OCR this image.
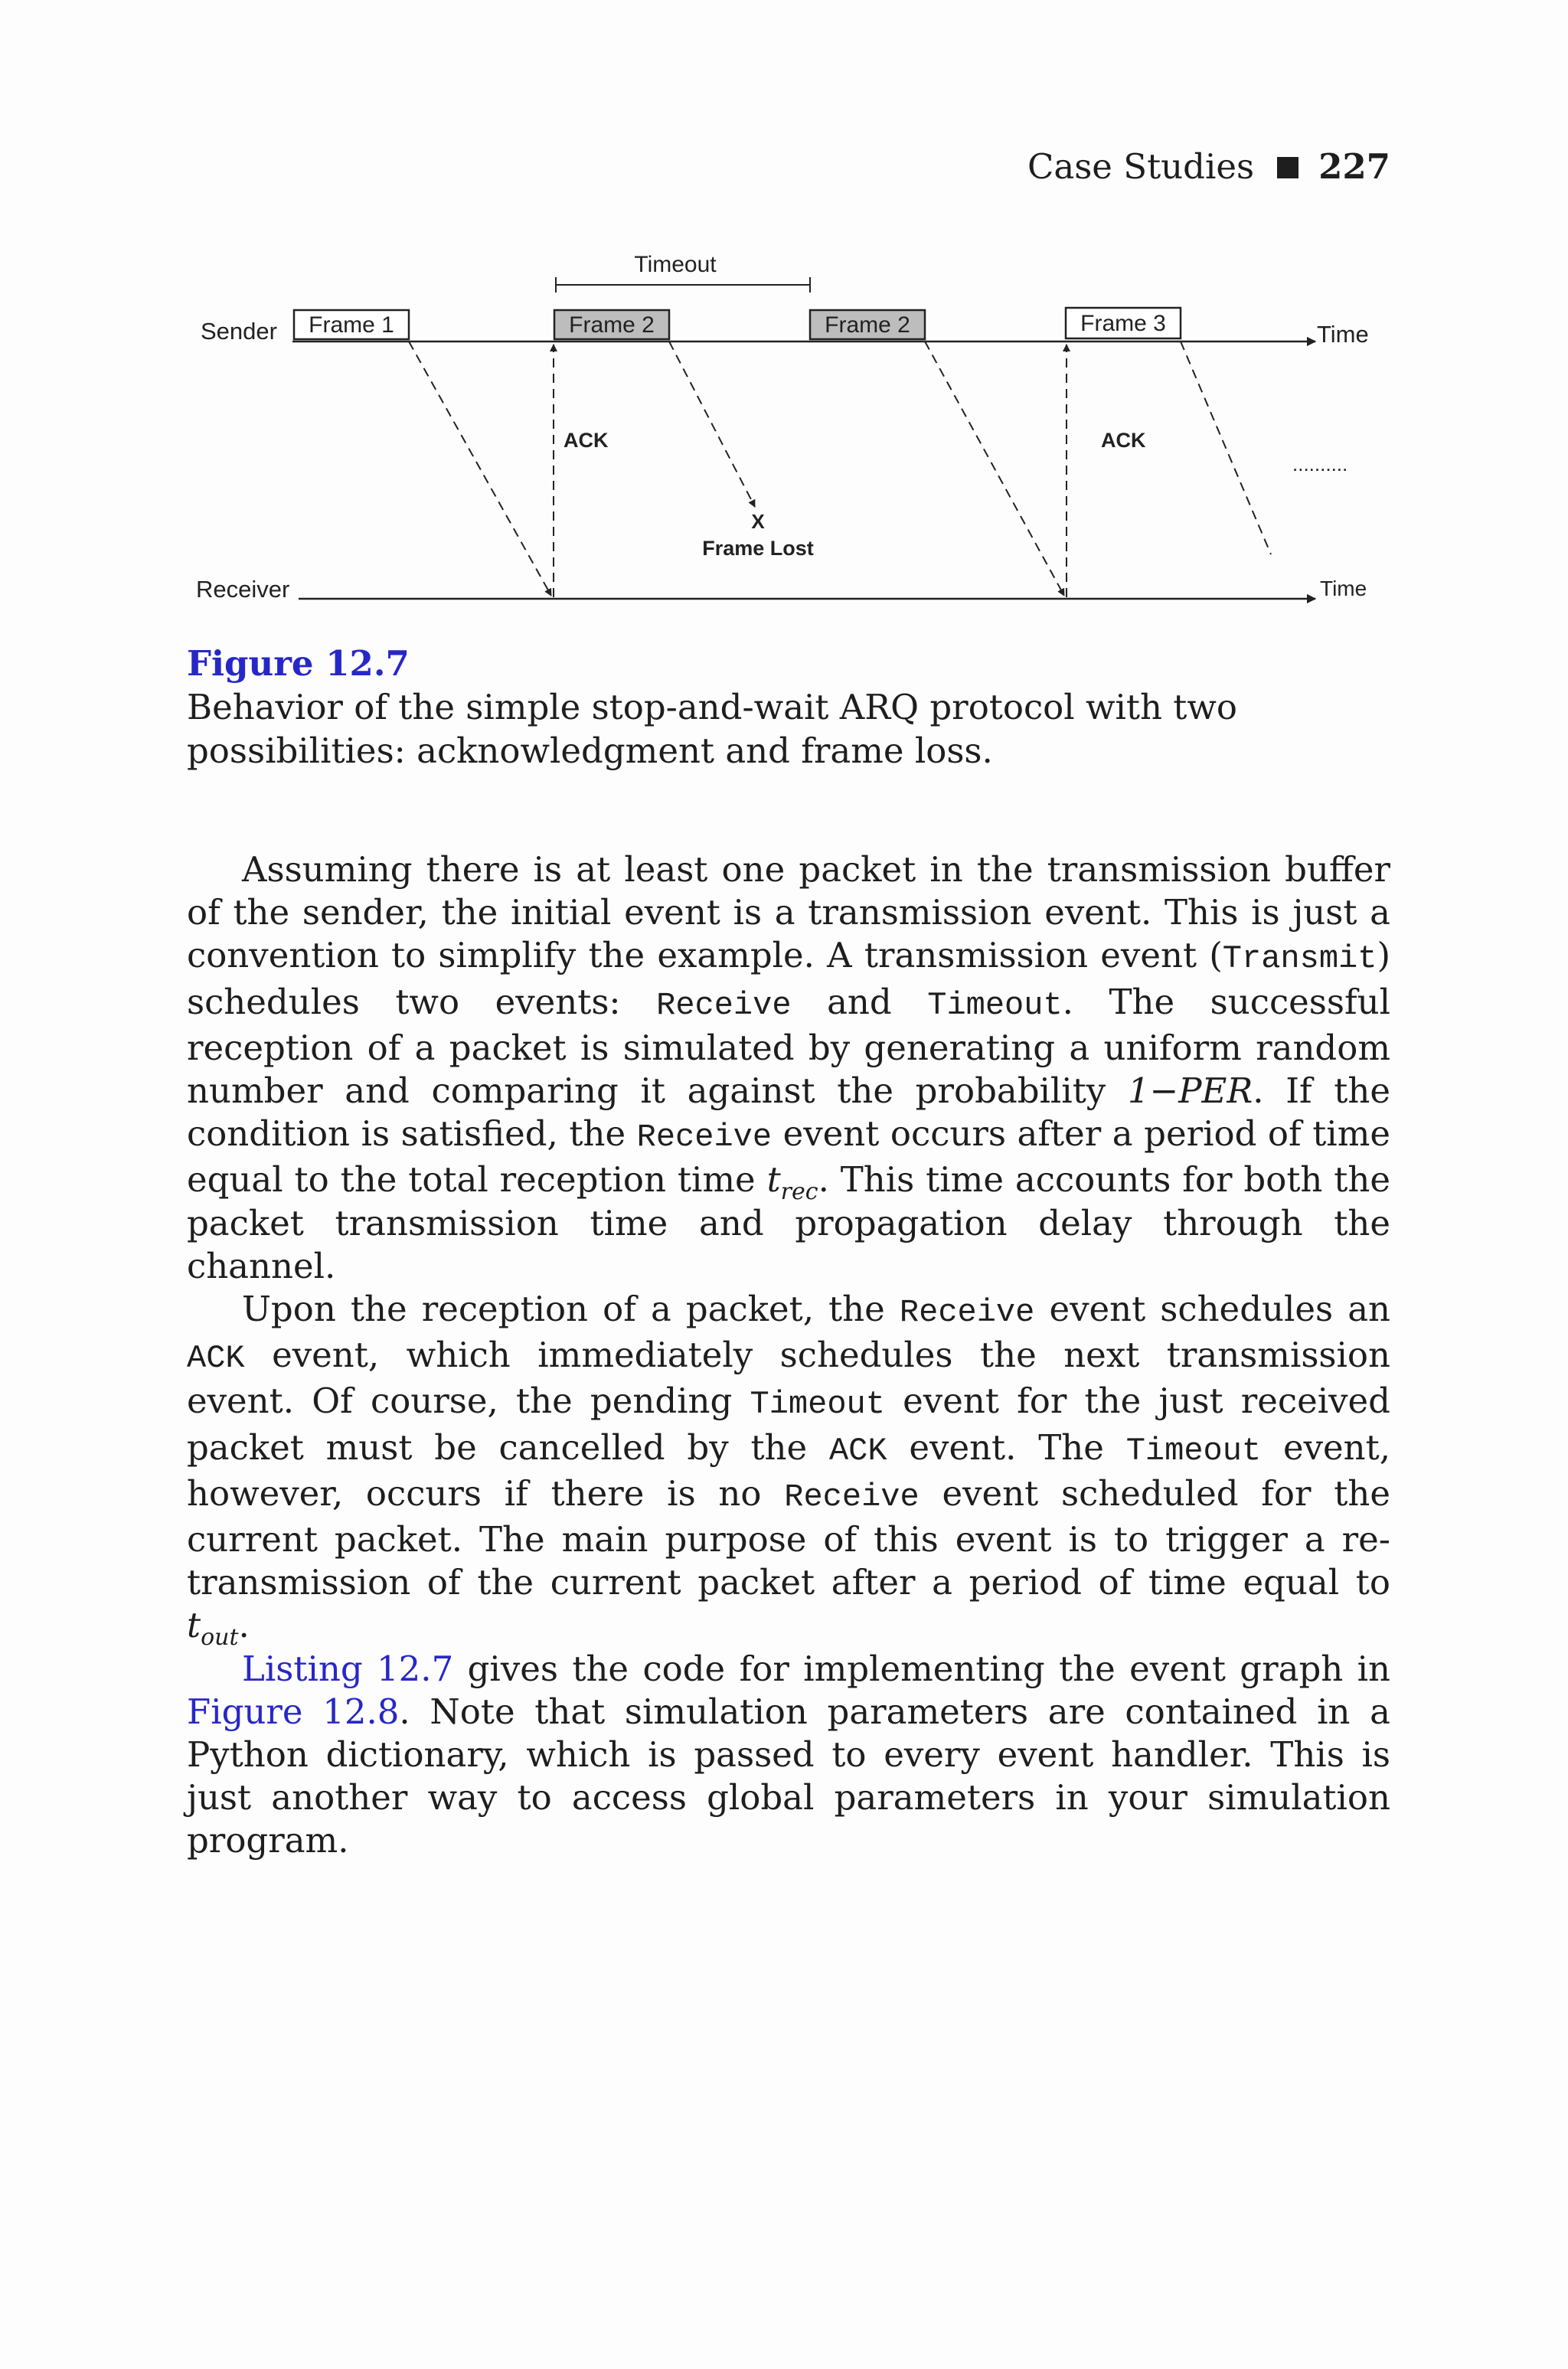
Case Studies 227
Timeout
Sender	Time
Frame 1	Frame 2	Frame 2	Frame 3
ACK
X
Frame Lost
ACK
..........
Receiver	Time
Figure 12.7
Behavior of the simple stop-and-wait ARQ protocol with two possibilities: acknowledgment and frame loss.

Assuming there is at least one packet in the transmission buffer of the sender, the initial event is a transmission event. This is just a convention to simplify the example. A transmission event (Transmit) schedules two events: Receive and Timeout. The successful reception of a packet is simulated by generating a uniform random number and comparing it against the probability 1−PER. If the condition is satisfied, the Receive event occurs after a period of time equal to the total reception time $t_{rec}$. This time accounts for both the packet transmission time and propagation delay through the channel.

Upon the reception of a packet, the Receive event schedules an ACK event, which immediately schedules the next transmission event. Of course, the pending Timeout event for the just received packet must be cancelled by the ACK event. The Timeout event, however, occurs if there is no Receive event scheduled for the current packet. The main purpose of this event is to trigger a re-transmission of the current packet after a period of time equal to $t_{out}$.

Listing 12.7 gives the code for implementing the event graph in Figure 12.8. Note that simulation parameters are contained in a Python dictionary, which is passed to every event handler. This is just another way to access global parameters in your simulation program.
